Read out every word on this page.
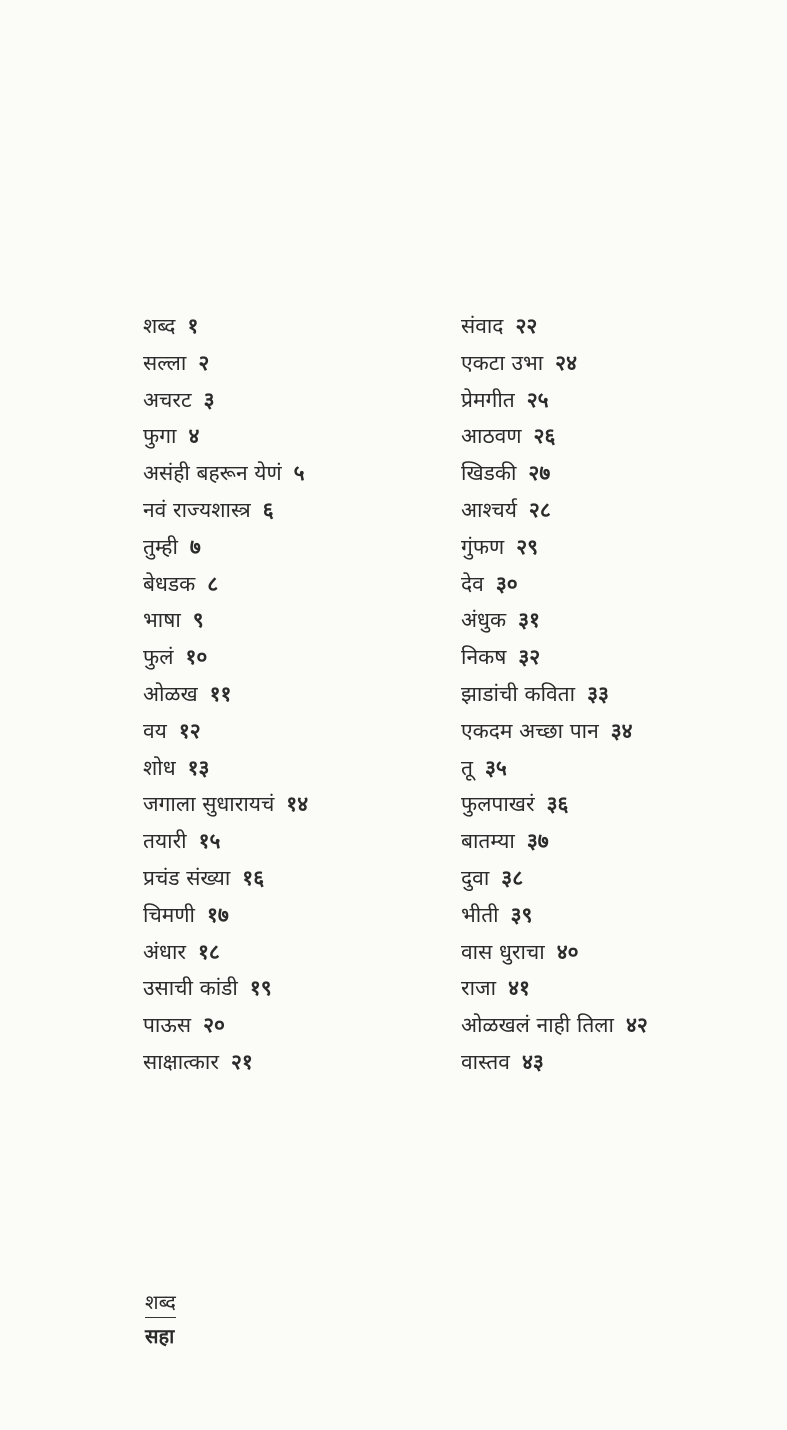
शब्द १
सल्ला २
अचरट ३
फुगा ४
असंही बहरून येणं ५
नवं राज्यशास्त्र ६
तुम्ही ७
बेधडक ८
भाषा ९
फुलं १०
ओळख ११
वय १२
शोध १३
जगाला सुधारायचं १४
तयारी १५
प्रचंड संख्या १६
चिमणी १७
अंधार १८
उसाची कांडी १९
पाऊस २०
साक्षात्कार २१
संवाद २२
एकटा उभा २४
प्रेमगीत २५
आठवण २६
खिडकी २७
आश्चर्य २८
गुंफण २९
देव ३०
अंधुक ३१
निकष ३२
झाडांची कविता ३३
एकदम अच्छा पान ३४
तू ३५
फुलपाखरं ३६
बातम्या ३७
दुवा ३८
भीती ३९
वास धुराचा ४०
राजा ४१
ओळखलं नाही तिला ४२
वास्तव ४३
शब्द
सहा
